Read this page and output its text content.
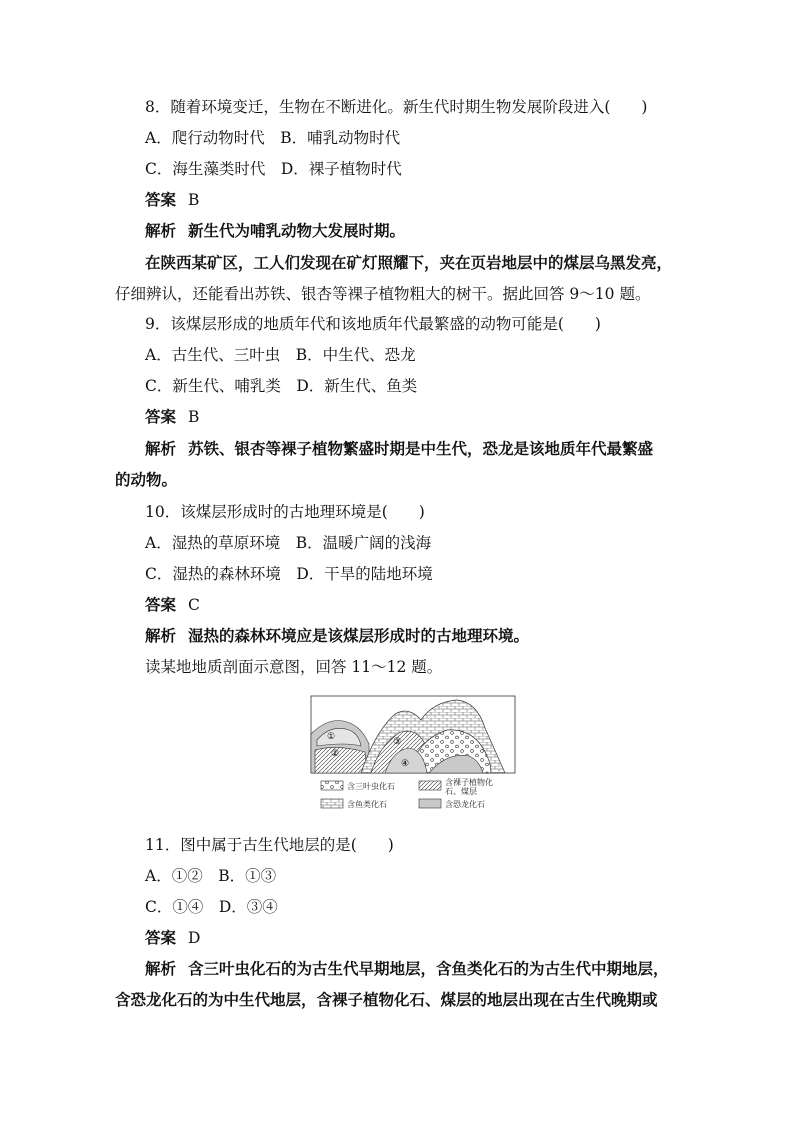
8．随着环境变迁，生物在不断进化。新生代时期生物发展阶段进入(　　)
A．爬行动物时代　B．哺乳动物时代
C．海生藻类时代　D．裸子植物时代
答案 B
解析 新生代为哺乳动物大发展时期。
在陕西某矿区，工人们发现在矿灯照耀下，夹在页岩地层中的煤层乌黑发亮，
仔细辨认，还能看出苏铁、银杏等裸子植物粗大的树干。据此回答 9～10 题。
9．该煤层形成的地质年代和该地质年代最繁盛的动物可能是(　　)
A．古生代、三叶虫　B．中生代、恐龙
C．新生代、哺乳类　D．新生代、鱼类
答案 B
解析 苏铁、银杏等裸子植物繁盛时期是中生代，恐龙是该地质年代最繁盛
的动物。
10．该煤层形成时的古地理环境是(　　)
A．湿热的草原环境　B．温暖广阔的浅海
C．湿热的森林环境　D．干旱的陆地环境
答案 C
解析 湿热的森林环境应是该煤层形成时的古地理环境。
读某地地质剖面示意图，回答 11～12 题。
①
②
③
④
含三叶虫化石	含裸子植物化
石、煤层
含鱼类化石	含恐龙化石
11．图中属于古生代地层的是(　　)
A．①②　B．①③
C．①④　D．③④
答案 D
解析 含三叶虫化石的为古生代早期地层，含鱼类化石的为古生代中期地层，
含恐龙化石的为中生代地层，含裸子植物化石、煤层的地层出现在古生代晚期或
